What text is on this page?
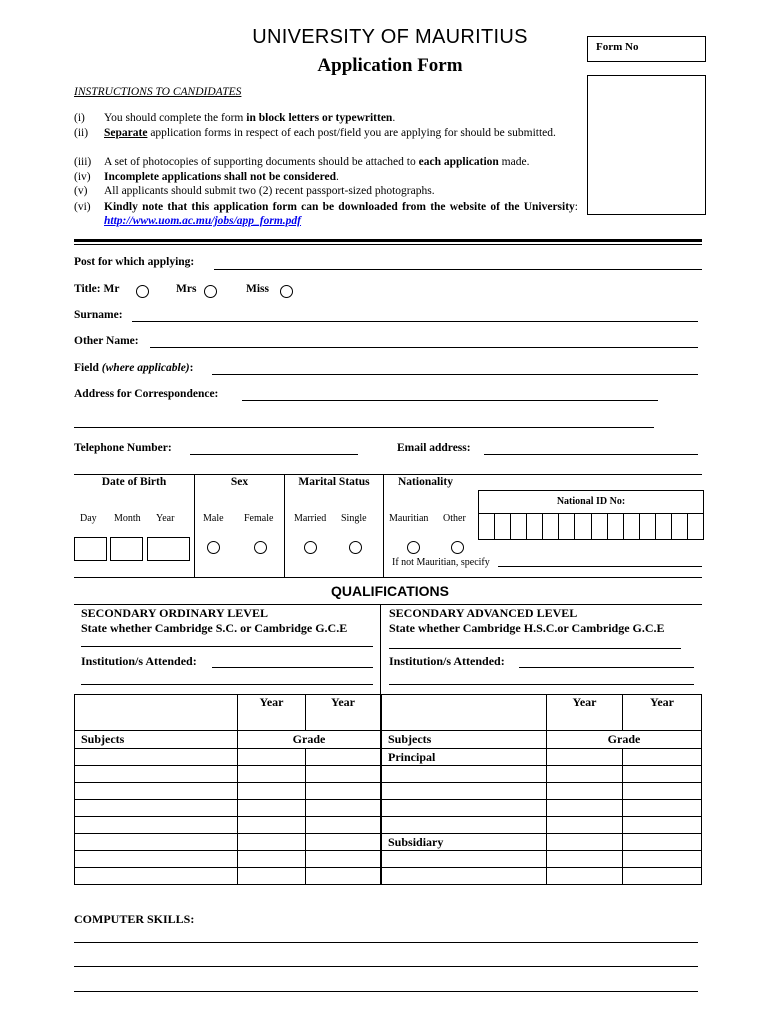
UNIVERSITY OF MAURITIUS
Application Form
Form No
INSTRUCTIONS TO CANDIDATES
(i)	You should complete the form in block letters or typewritten.
(ii)	Separate application forms in respect of each post/field you are applying for should be submitted.
(iii)	A set of photocopies of supporting documents should be attached to each application made.
(iv)	Incomplete applications shall not be considered.
(v)	All applicants should submit two (2) recent passport-sized photographs.
(vi)	Kindly note that this application form can be downloaded from the website of the University: http://www.uom.ac.mu/jobs/app_form.pdf
Post for which applying:
Title: Mr	Mrs	Miss
Surname:
Other Name:
Field (where applicable):
Address for Correspondence:
Telephone Number:	Email address:
Date of Birth
Day Month Year
Sex
Male Female
Marital Status
Married Single
Nationality
Mauritian Other
National ID No:
If not Mauritian, specify
QUALIFICATIONS
SECONDARY ORDINARY LEVEL
State whether Cambridge S.C. or Cambridge G.C.E
Institution/s Attended:
SECONDARY ADVANCED LEVEL
State whether Cambridge H.S.C.or Cambridge G.C.E
Institution/s Attended:
	Year	Year
Subjects	Grade	

	Year	Year
Subjects	Grade	
Principal		

Subsidiary		

COMPUTER SKILLS:
